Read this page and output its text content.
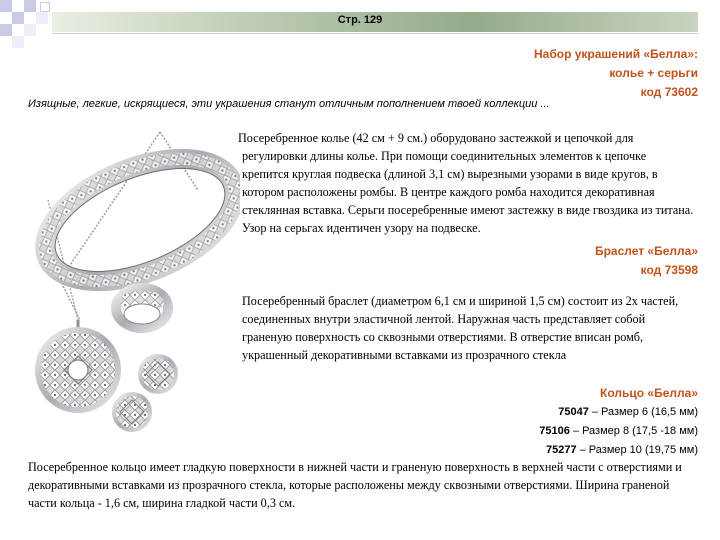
Стр. 129
Набор украшений «Белла»:
колье + серьги
код 73602
Изящные, легкие, искрящиеся, эти украшения станут отличным пополнением твоей коллекции ...
Посеребренное колье (42 см + 9 см.) оборудовано застежкой и цепочкой для регулировки длины колье. При помощи соединительных элементов к цепочке крепится круглая подвеска (длиной 3,1 см) вырезными узорами в виде кругов, в котором расположены ромбы. В центре каждого ромба находится декоративная стеклянная вставка. Серьги посеребренные имеют застежку в виде гвоздика из титана. Узор на серьгах идентичен узору на подвеске.
Браслет «Белла»
код 73598
Посеребренный браслет (диаметром 6,1 см и шириной 1,5 см) состоит из 2х частей, соединенных внутри эластичной лентой. Наружная часть представляет собой граненую поверхность со сквозными отверстиями. В отверстие вписан ромб, украшенный декоративными вставками из прозрачного стекла
Кольцо «Белла»
75047 – Размер 6 (16,5 мм)
75106 – Размер 8 (17,5 -18 мм)
75277 – Размер 10 (19,75 мм)
Посеребренное кольцо имеет гладкую поверхности в нижней части и граненую поверхность в верхней части с отверстиями и декоративными вставками из прозрачного стекла, которые расположены между сквозными отверстиями. Ширина граненой части кольца - 1,6 см, ширина гладкой части 0,3 см.
